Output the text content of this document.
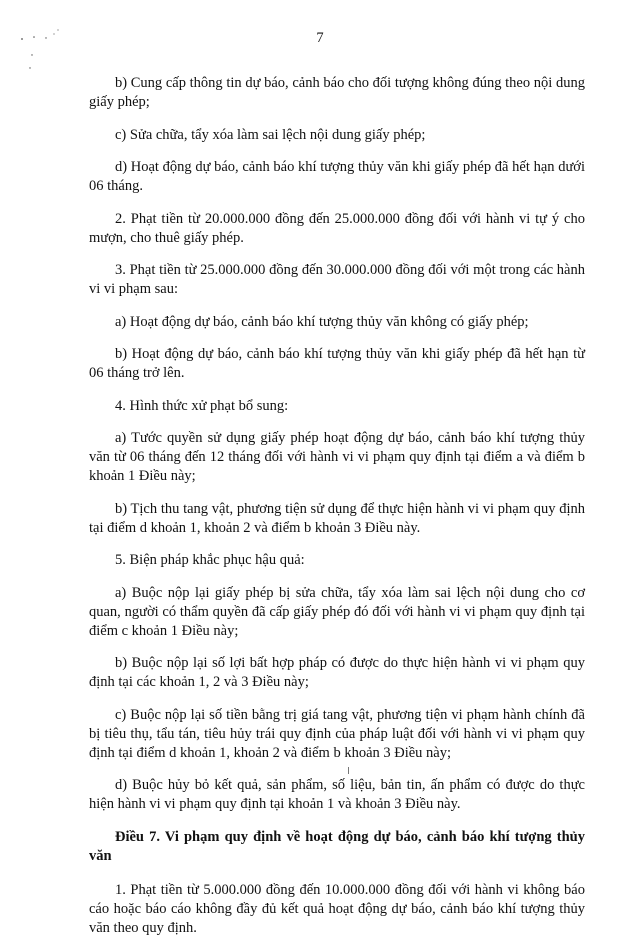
7

b) Cung cấp thông tin dự báo, cảnh báo cho đối tượng không đúng theo nội dung giấy phép;

c) Sửa chữa, tẩy xóa làm sai lệch nội dung giấy phép;

d) Hoạt động dự báo, cảnh báo khí tượng thủy văn khi giấy phép đã hết hạn dưới 06 tháng.

2. Phạt tiền từ 20.000.000 đồng đến 25.000.000 đồng đối với hành vi tự ý cho mượn, cho thuê giấy phép.

3. Phạt tiền từ 25.000.000 đồng đến 30.000.000 đồng đối với một trong các hành vi vi phạm sau:

a) Hoạt động dự báo, cảnh báo khí tượng thủy văn không có giấy phép;

b) Hoạt động dự báo, cảnh báo khí tượng thủy văn khi giấy phép đã hết hạn từ 06 tháng trở lên.

4. Hình thức xử phạt bổ sung:

a) Tước quyền sử dụng giấy phép hoạt động dự báo, cảnh báo khí tượng thủy văn từ 06 tháng đến 12 tháng đối với hành vi vi phạm quy định tại điểm a và điểm b khoản 1 Điều này;

b) Tịch thu tang vật, phương tiện sử dụng để thực hiện hành vi vi phạm quy định tại điểm d khoản 1, khoản 2 và điểm b khoản 3 Điều này.

5. Biện pháp khắc phục hậu quả:

a) Buộc nộp lại giấy phép bị sửa chữa, tẩy xóa làm sai lệch nội dung cho cơ quan, người có thẩm quyền đã cấp giấy phép đó đối với hành vi vi phạm quy định tại điểm c khoản 1 Điều này;

b) Buộc nộp lại số lợi bất hợp pháp có được do thực hiện hành vi vi phạm quy định tại các khoản 1, 2 và 3 Điều này;

c) Buộc nộp lại số tiền bằng trị giá tang vật, phương tiện vi phạm hành chính đã bị tiêu thụ, tẩu tán, tiêu hủy trái quy định của pháp luật đối với hành vi vi phạm quy định tại điểm d khoản 1, khoản 2 và điểm b khoản 3 Điều này;

d) Buộc hủy bỏ kết quả, sản phẩm, số liệu, bản tin, ấn phẩm có được do thực hiện hành vi vi phạm quy định tại khoản 1 và khoản 3 Điều này.

Điều 7. Vi phạm quy định về hoạt động dự báo, cảnh báo khí tượng thủy văn

1. Phạt tiền từ 5.000.000 đồng đến 10.000.000 đồng đối với hành vi không báo cáo hoặc báo cáo không đầy đủ kết quả hoạt động dự báo, cảnh báo khí tượng thủy văn theo quy định.
